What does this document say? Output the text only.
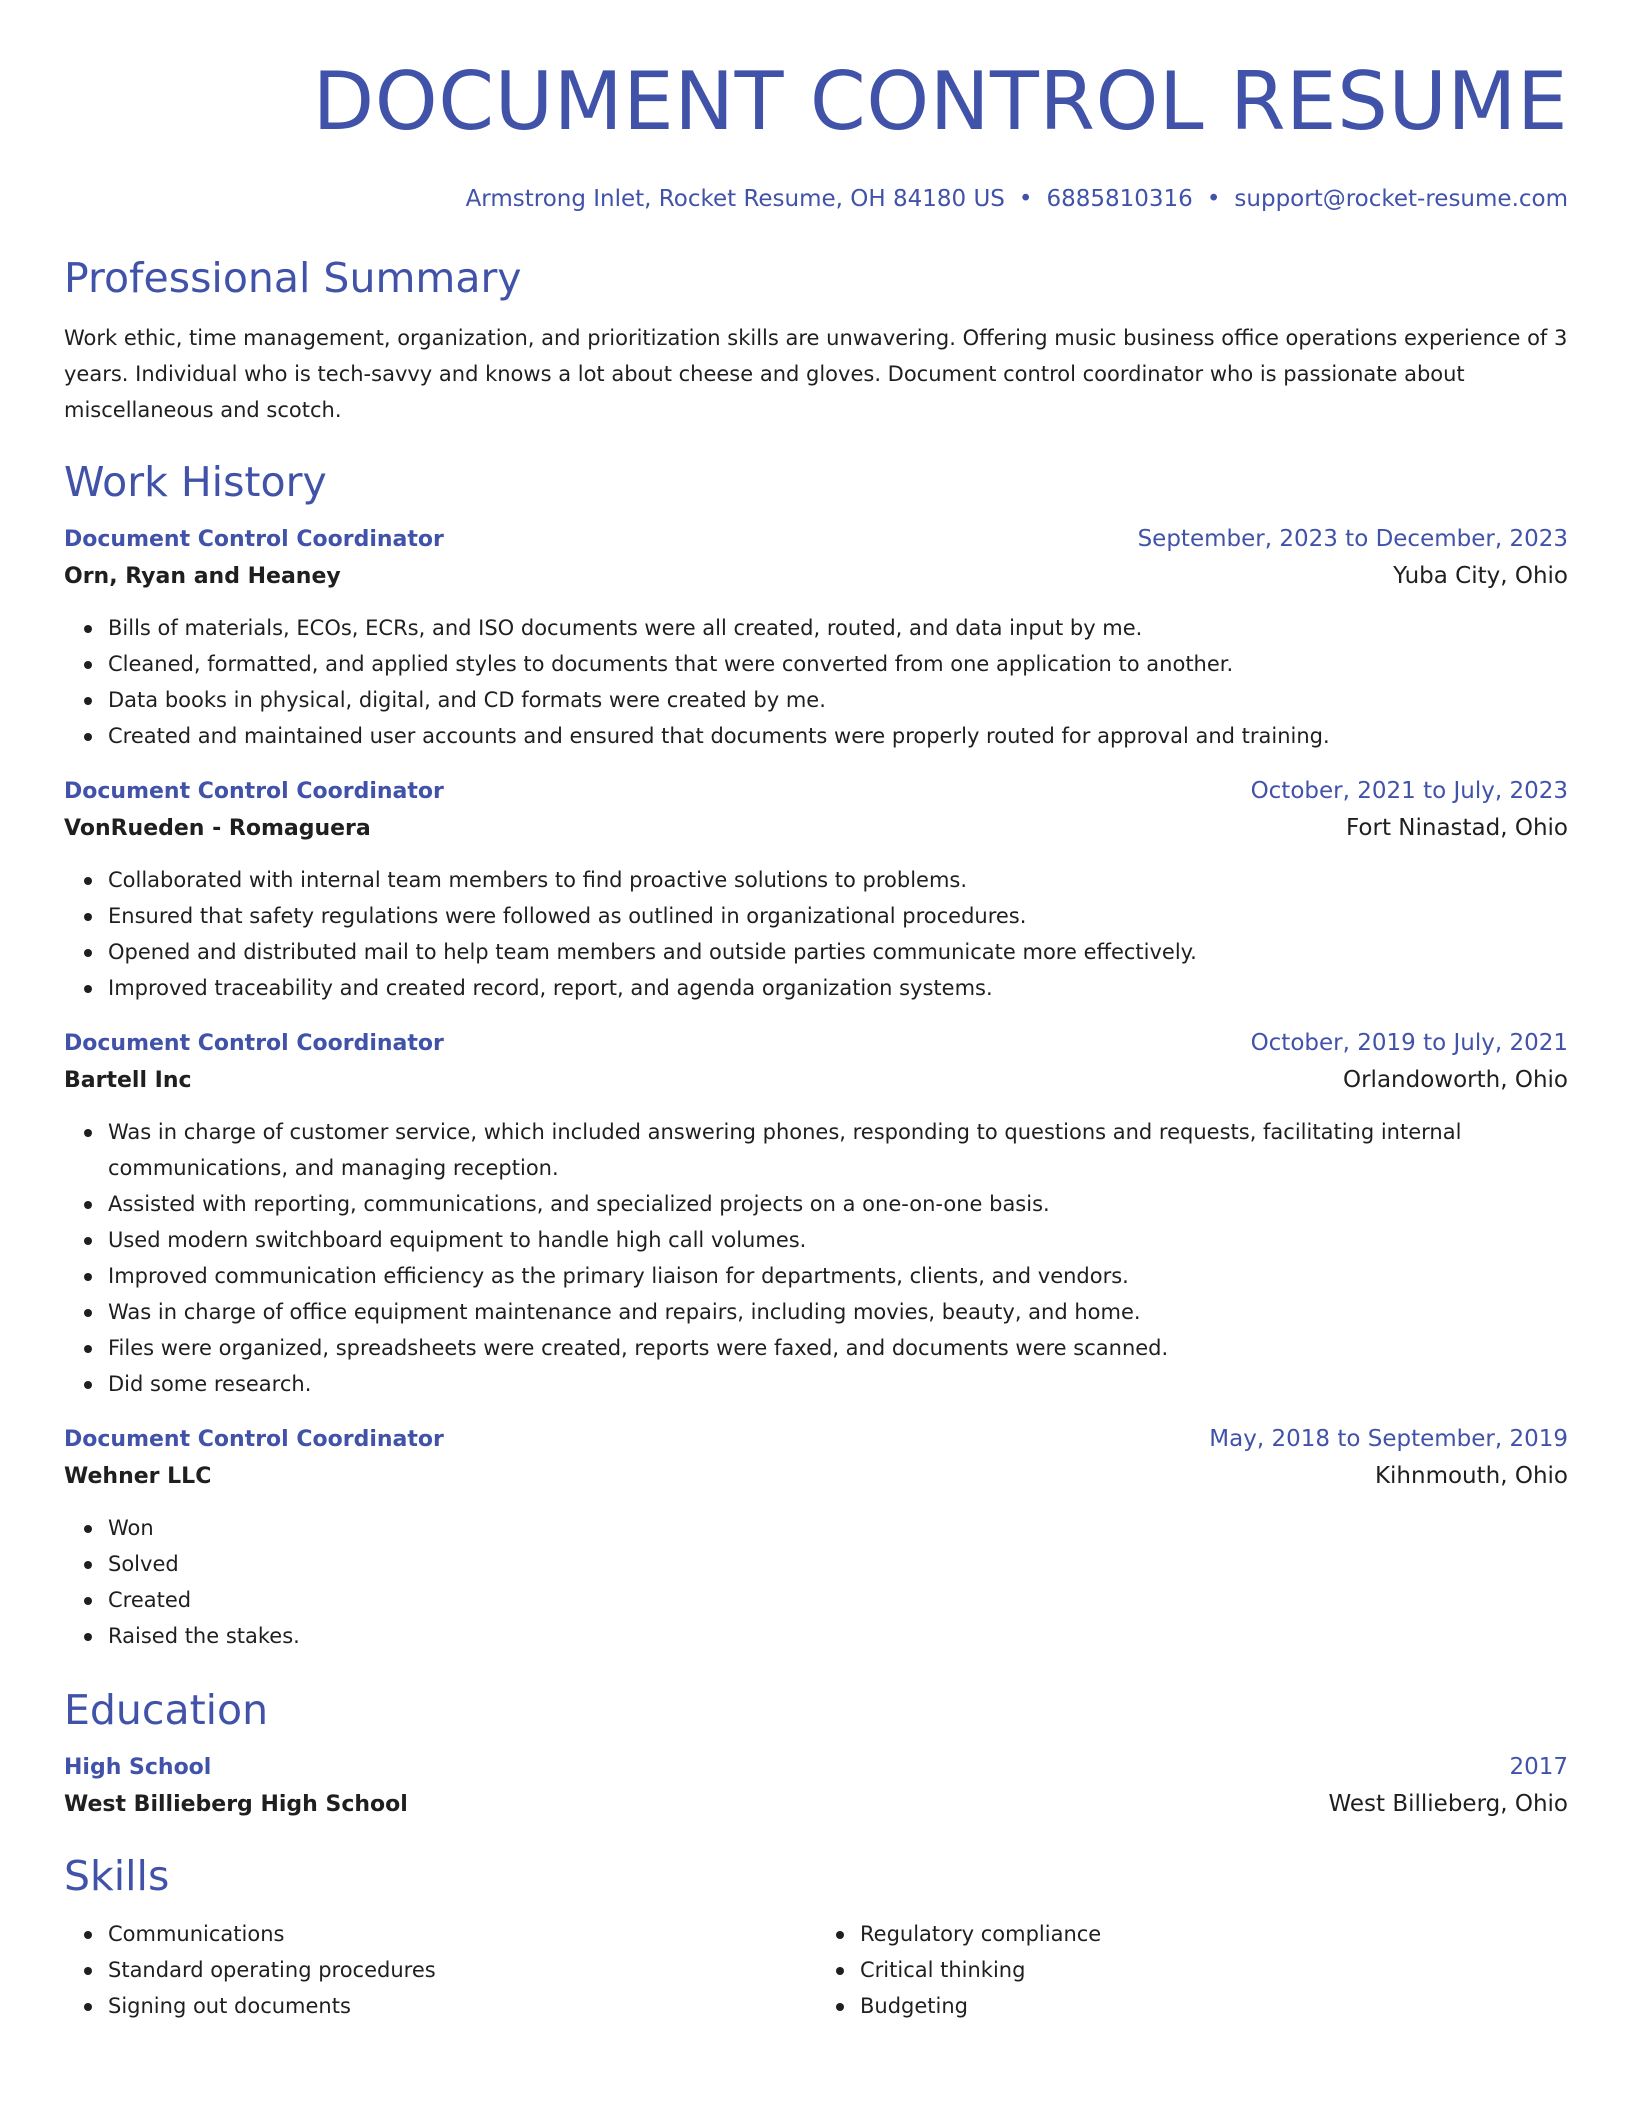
DOCUMENT CONTROL RESUME
Armstrong Inlet, Rocket Resume, OH 84180 US • 6885810316 • support@rocket-resume.com
Professional Summary

Work ethic, time management, organization, and prioritization skills are unwavering. Offering music business office operations experience of 3 years. Individual who is tech-savvy and knows a lot about cheese and gloves. Document control coordinator who is passionate about miscellaneous and scotch.

Work History
Document Control Coordinator	September, 2023 to December, 2023
Orn, Ryan and Heaney	Yuba City, Ohio
Bills of materials, ECOs, ECRs, and ISO documents were all created, routed, and data input by me.
Cleaned, formatted, and applied styles to documents that were converted from one application to another.
Data books in physical, digital, and CD formats were created by me.
Created and maintained user accounts and ensured that documents were properly routed for approval and training.
Document Control Coordinator	October, 2021 to July, 2023
VonRueden - Romaguera	Fort Ninastad, Ohio
Collaborated with internal team members to find proactive solutions to problems.
Ensured that safety regulations were followed as outlined in organizational procedures.
Opened and distributed mail to help team members and outside parties communicate more effectively.
Improved traceability and created record, report, and agenda organization systems.
Document Control Coordinator	October, 2019 to July, 2021
Bartell Inc	Orlandoworth, Ohio
Was in charge of customer service, which included answering phones, responding to questions and requests, facilitating internal communications, and managing reception.
Assisted with reporting, communications, and specialized projects on a one-on-one basis.
Used modern switchboard equipment to handle high call volumes.
Improved communication efficiency as the primary liaison for departments, clients, and vendors.
Was in charge of office equipment maintenance and repairs, including movies, beauty, and home.
Files were organized, spreadsheets were created, reports were faxed, and documents were scanned.
Did some research.
Document Control Coordinator	May, 2018 to September, 2019
Wehner LLC	Kihnmouth, Ohio
Won
Solved
Created
Raised the stakes.
Education
High School	2017
West Billieberg High School	West Billieberg, Ohio
Skills
Communications
Standard operating procedures
Signing out documents
Regulatory compliance
Critical thinking
Budgeting
